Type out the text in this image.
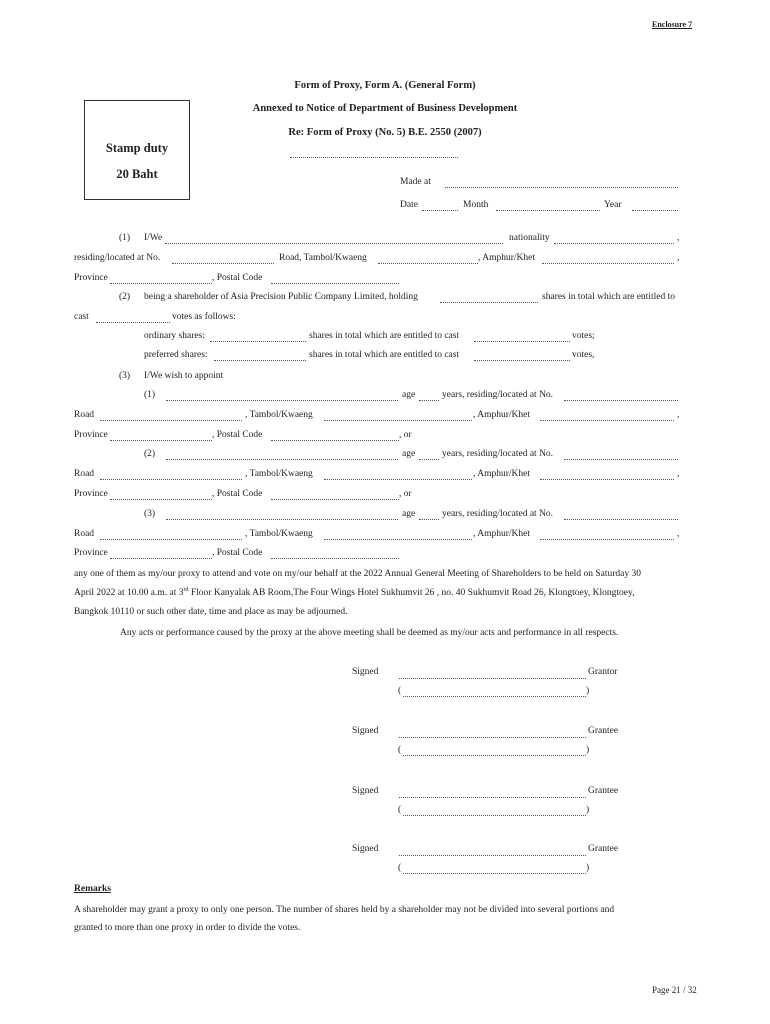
Enclosure 7
Form of Proxy, Form A. (General Form)
Annexed to Notice of Department of Business Development
Re: Form of Proxy (No. 5) B.E. 2550 (2007)
Stamp duty
20 Baht
Made at
Date	Month	Year
(1) I/We	nationality	,
residing/located at No.	Road, Tambol/Kwaeng	, Amphur/Khet	,
Province	, Postal Code
(2) being a shareholder of Asia Precision Public Company Limited, holding	shares in total which are entitled to
cast	votes as follows:
ordinary shares:	shares in total which are entitled to cast	votes;
preferred shares:	shares in total which are entitled to cast	votes,
(3) I/We wish to appoint
(1)	age	years, residing/located at No.
Road	, Tambol/Kwaeng	, Amphur/Khet	,
Province	, Postal Code	, or
(2)	age	years, residing/located at No.
Road	, Tambol/Kwaeng	, Amphur/Khet	,
Province	, Postal Code	, or
(3)	age	years, residing/located at No.
Road	, Tambol/Kwaeng	, Amphur/Khet	,
Province	, Postal Code
any one of them as my/our proxy to attend and vote on my/our behalf at the 2022 Annual General Meeting of Shareholders to be held on Saturday 30
April 2022 at 10.00 a.m. at 3rd Floor Kanyalak AB Room,The Four Wings Hotel Sukhumvit 26 , no. 40 Sukhumvit Road 26, Klongtoey, Klongtoey,
Bangkok 10110 or such other date, time and place as may be adjourned.
Any acts or performance caused by the proxy at the above meeting shall be deemed as my/our acts and performance in all respects.
Signed	Grantor
(	)
Signed	Grantee
(	)
Signed	Grantee
(	)
Signed	Grantee
(	)
Remarks
A shareholder may grant a proxy to only one person. The number of shares held by a shareholder may not be divided into several portions and
granted to more than one proxy in order to divide the votes.
Page 21 / 32
